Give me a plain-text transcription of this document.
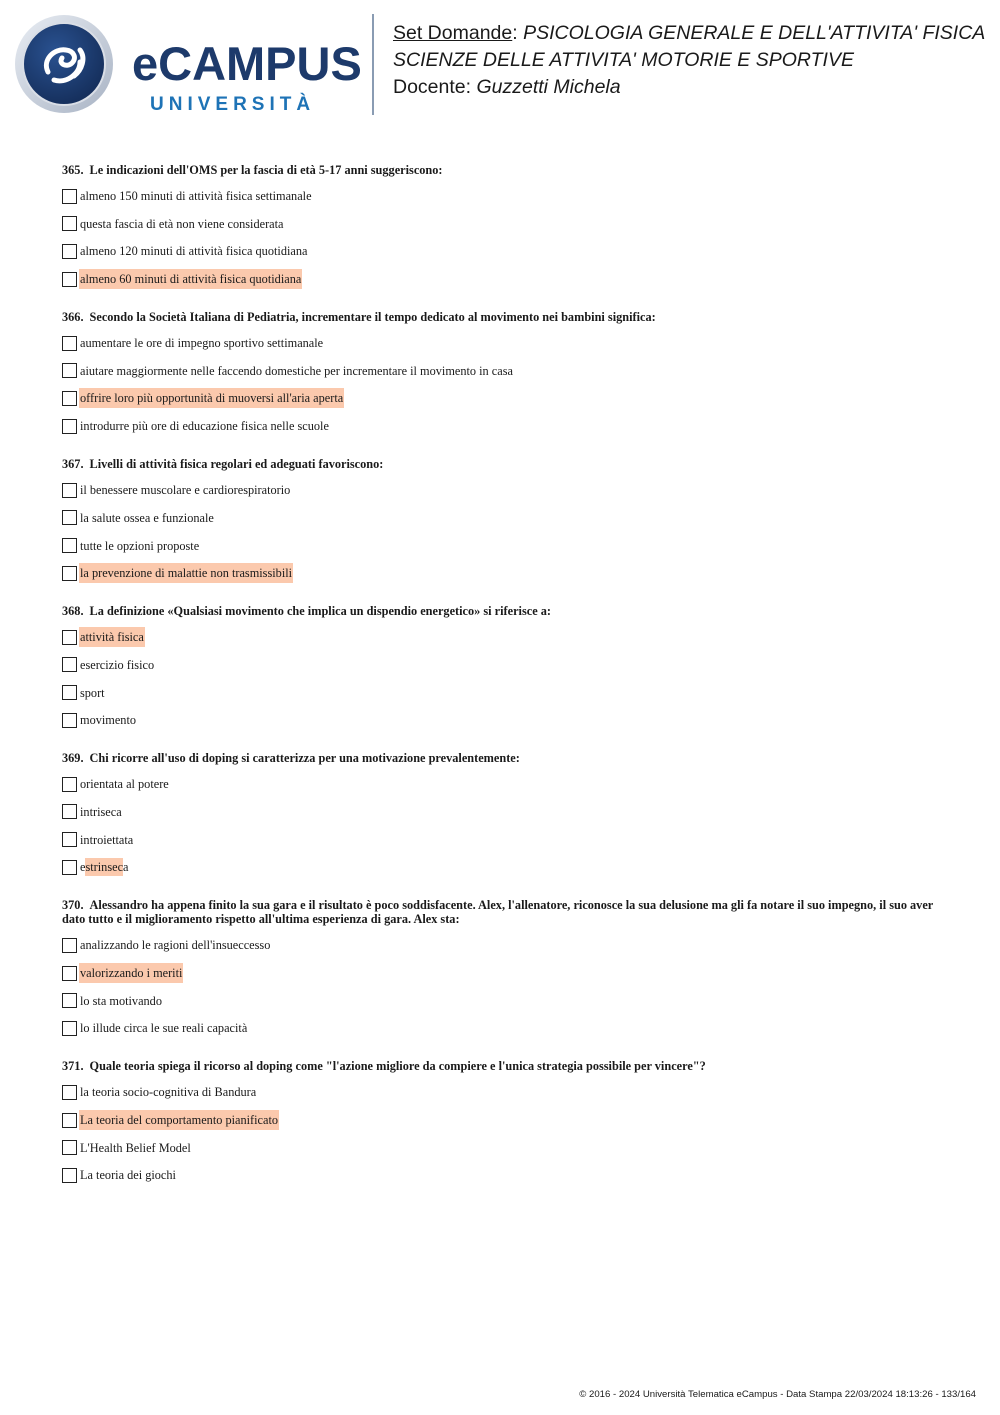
eCAMPUS
UNIVERSITÀ
Set Domande: PSICOLOGIA GENERALE E DELL'ATTIVITA' FISICA
SCIENZE DELLE ATTIVITA' MOTORIE E SPORTIVE
Docente: Guzzetti Michela
365. Le indicazioni dell'OMS per la fascia di età 5-17 anni suggeriscono:
almeno 150 minuti di attività fisica settimanale
questa fascia di età non viene considerata
almeno 120 minuti di attività fisica quotidiana
almeno 60 minuti di attività fisica quotidiana
366. Secondo la Società Italiana di Pediatria, incrementare il tempo dedicato al movimento nei bambini significa:
aumentare le ore di impegno sportivo settimanale
aiutare maggiormente nelle faccendo domestiche per incrementare il movimento in casa
offrire loro più opportunità di muoversi all'aria aperta
introdurre più ore di educazione fisica nelle scuole
367. Livelli di attività fisica regolari ed adeguati favoriscono:
il benessere muscolare e cardiorespiratorio
la salute ossea e funzionale
tutte le opzioni proposte
la prevenzione di malattie non trasmissibili
368. La definizione «Qualsiasi movimento che implica un dispendio energetico» si riferisce a:
attività fisica
esercizio fisico
sport
movimento
369. Chi ricorre all'uso di doping si caratterizza per una motivazione prevalentemente:
orientata al potere
intriseca
introiettata
estrinseca
370. Alessandro ha appena finito la sua gara e il risultato è poco soddisfacente. Alex, l'allenatore, riconosce la sua delusione ma gli fa notare il suo impegno, il suo aver dato tutto e il miglioramento rispetto all'ultima esperienza di gara. Alex sta:
analizzando le ragioni dell'insueccesso
valorizzando i meriti
lo sta motivando
lo illude circa le sue reali capacità
371. Quale teoria spiega il ricorso al doping come "l'azione migliore da compiere e l'unica strategia possibile per vincere"?
la teoria socio-cognitiva di Bandura
La teoria del comportamento pianificato
L'Health Belief Model
La teoria dei giochi
© 2016 - 2024 Università Telematica eCampus - Data Stampa 22/03/2024 18:13:26 - 133/164
